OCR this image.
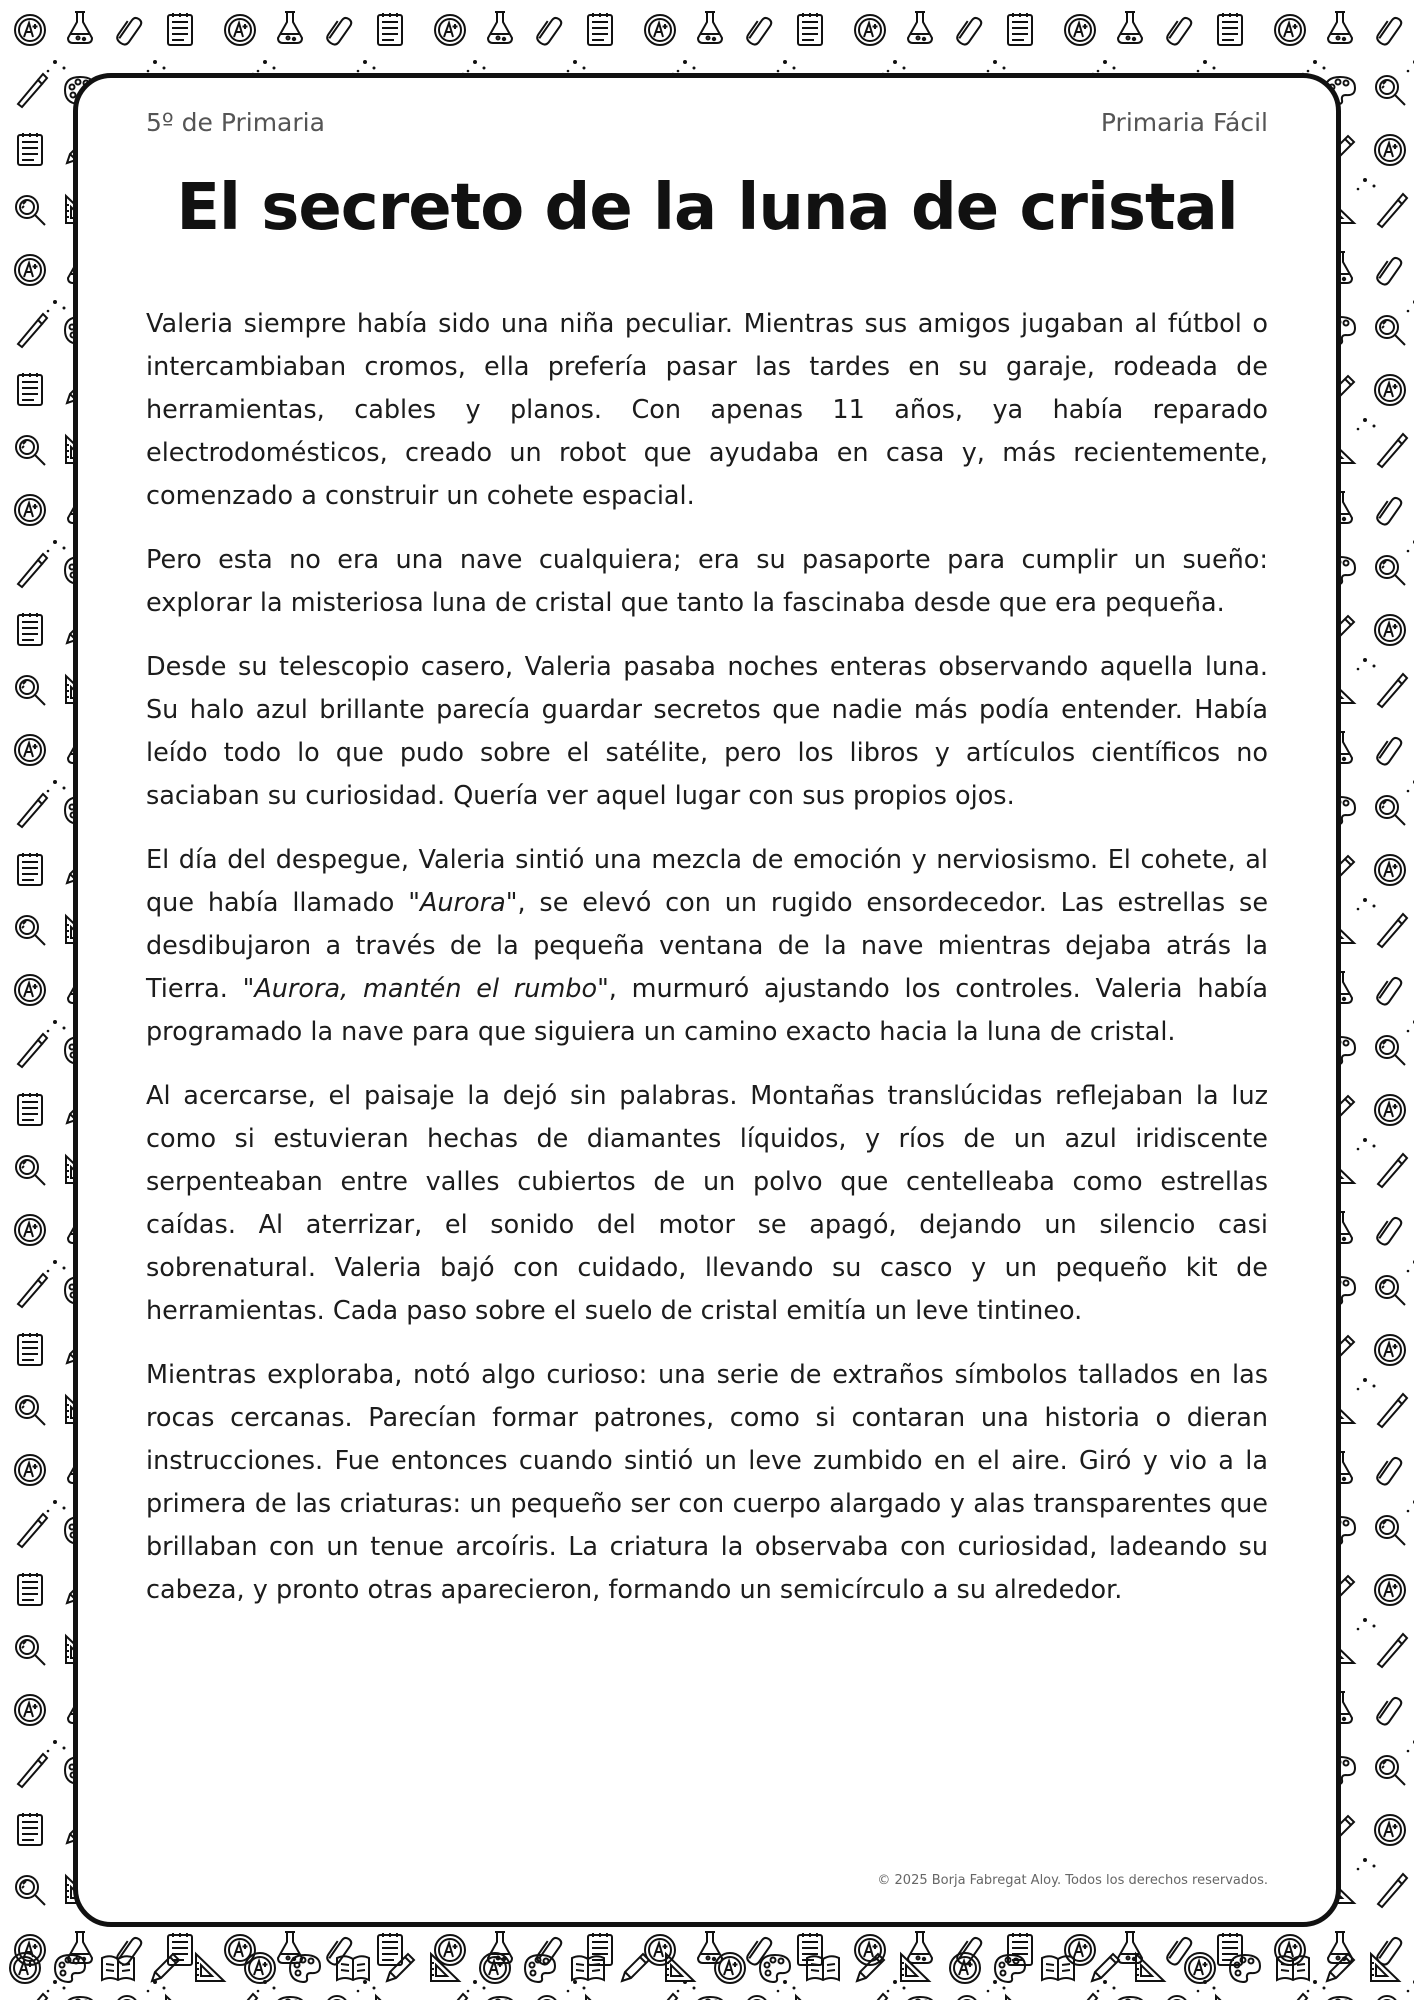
5º de Primaria	Primaria Fácil
El secreto de la luna de cristal

Valeria siempre había sido una niña peculiar. Mientras sus amigos jugaban al fútbol o intercambiaban cromos, ella prefería pasar las tardes en su garaje, rodeada de herramientas, cables y planos. Con apenas 11 años, ya había reparado electrodomésticos, creado un robot que ayudaba en casa y, más recientemente, comenzado a construir un cohete espacial.

Pero esta no era una nave cualquiera; era su pasaporte para cumplir un sueño: explorar la misteriosa luna de cristal que tanto la fascinaba desde que era pequeña.

Desde su telescopio casero, Valeria pasaba noches enteras observando aquella luna. Su halo azul brillante parecía guardar secretos que nadie más podía entender. Había leído todo lo que pudo sobre el satélite, pero los libros y artículos científicos no saciaban su curiosidad. Quería ver aquel lugar con sus propios ojos.

El día del despegue, Valeria sintió una mezcla de emoción y nerviosismo. El cohete, al que había llamado "Aurora", se elevó con un rugido ensordecedor. Las estrellas se desdibujaron a través de la pequeña ventana de la nave mientras dejaba atrás la Tierra. "Aurora, mantén el rumbo", murmuró ajustando los controles. Valeria había programado la nave para que siguiera un camino exacto hacia la luna de cristal.

Al acercarse, el paisaje la dejó sin palabras. Montañas translúcidas reflejaban la luz como si estuvieran hechas de diamantes líquidos, y ríos de un azul iridiscente serpenteaban entre valles cubiertos de un polvo que centelleaba como estrellas caídas. Al aterrizar, el sonido del motor se apagó, dejando un silencio casi sobrenatural. Valeria bajó con cuidado, llevando su casco y un pequeño kit de herramientas. Cada paso sobre el suelo de cristal emitía un leve tintineo.

Mientras exploraba, notó algo curioso: una serie de extraños símbolos tallados en las rocas cercanas. Parecían formar patrones, como si contaran una historia o dieran instrucciones. Fue entonces cuando sintió un leve zumbido en el aire. Giró y vio a la primera de las criaturas: un pequeño ser con cuerpo alargado y alas transparentes que brillaban con un tenue arcoíris. La criatura la observaba con curiosidad, ladeando su cabeza, y pronto otras aparecieron, formando un semicírculo a su alrededor.

© 2025 Borja Fabregat Aloy. Todos los derechos reservados.
